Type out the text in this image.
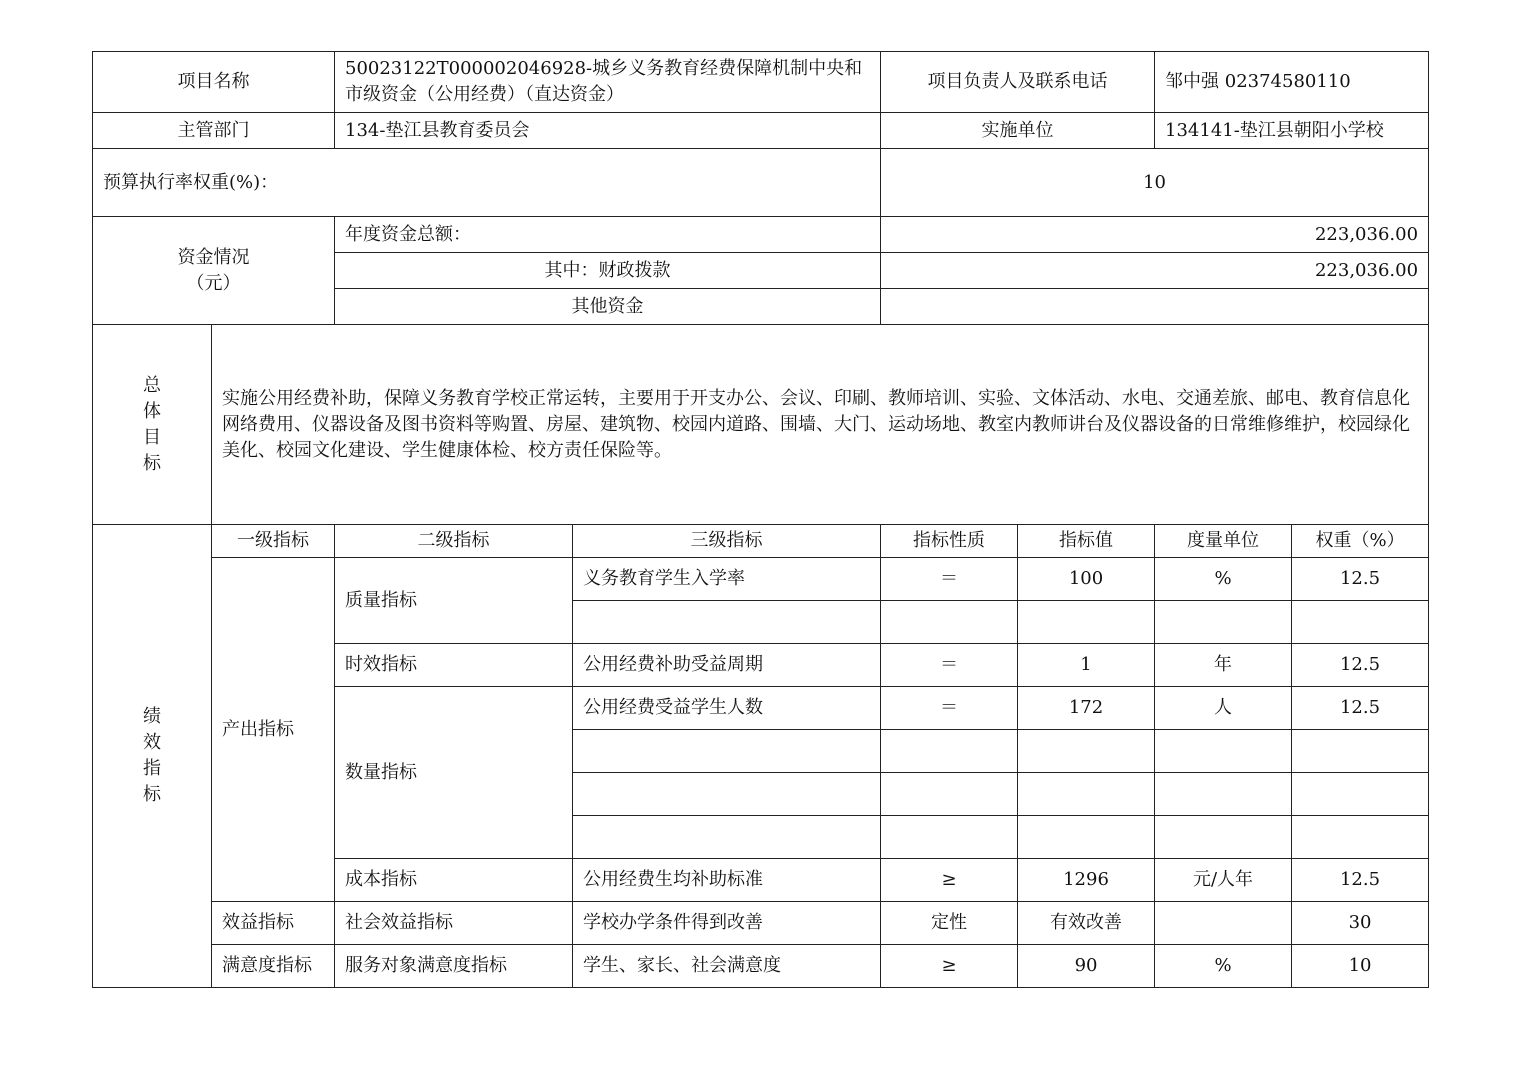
项目名称		50023122T000002046928-城乡义务教育经费保障机制中央和市级资金（公用经费）（直达资金）		项目负责人及联系电话		邹中强 02374580110	
主管部门		134-垫江县教育委员会		实施单位		134141-垫江县朝阳小学校	
预算执行率权重(%)：				10			

资金情况
（元）		年度资金总额：		223,036.00			
		其中：财政拨款		223,036.00			
		其他资金					

总
体
目
标	实施公用经费补助，保障义务教育学校正常运转，主要用于开支办公、会议、印刷、教师培训、实验、文体活动、水电、交通差旅、邮电、教育信息化网络费用、仪器设备及图书资料等购置、房屋、建筑物、校园内道路、围墙、大门、运动场地、教室内教师讲台及仪器设备的日常维修维护，校园绿化美化、校园文化建设、学生健康体检、校方责任保险等。						

绩
效
指
标	一级指标	二级指标	三级指标	指标性质	指标值	度量单位	权重（%）
	产出指标	质量指标	义务教育学生入学率	＝	100	%	12.5

		时效指标	公用经费补助受益周期	＝	1	年	12.5
		数量指标	公用经费受益学生人数	＝	172	人	12.5

		成本指标	公用经费生均补助标准	≥	1296	元/人年	12.5
	效益指标	社会效益指标	学校办学条件得到改善	定性	有效改善		30
	满意度指标	服务对象满意度指标	学生、家长、社会满意度	≥	90	%	10
